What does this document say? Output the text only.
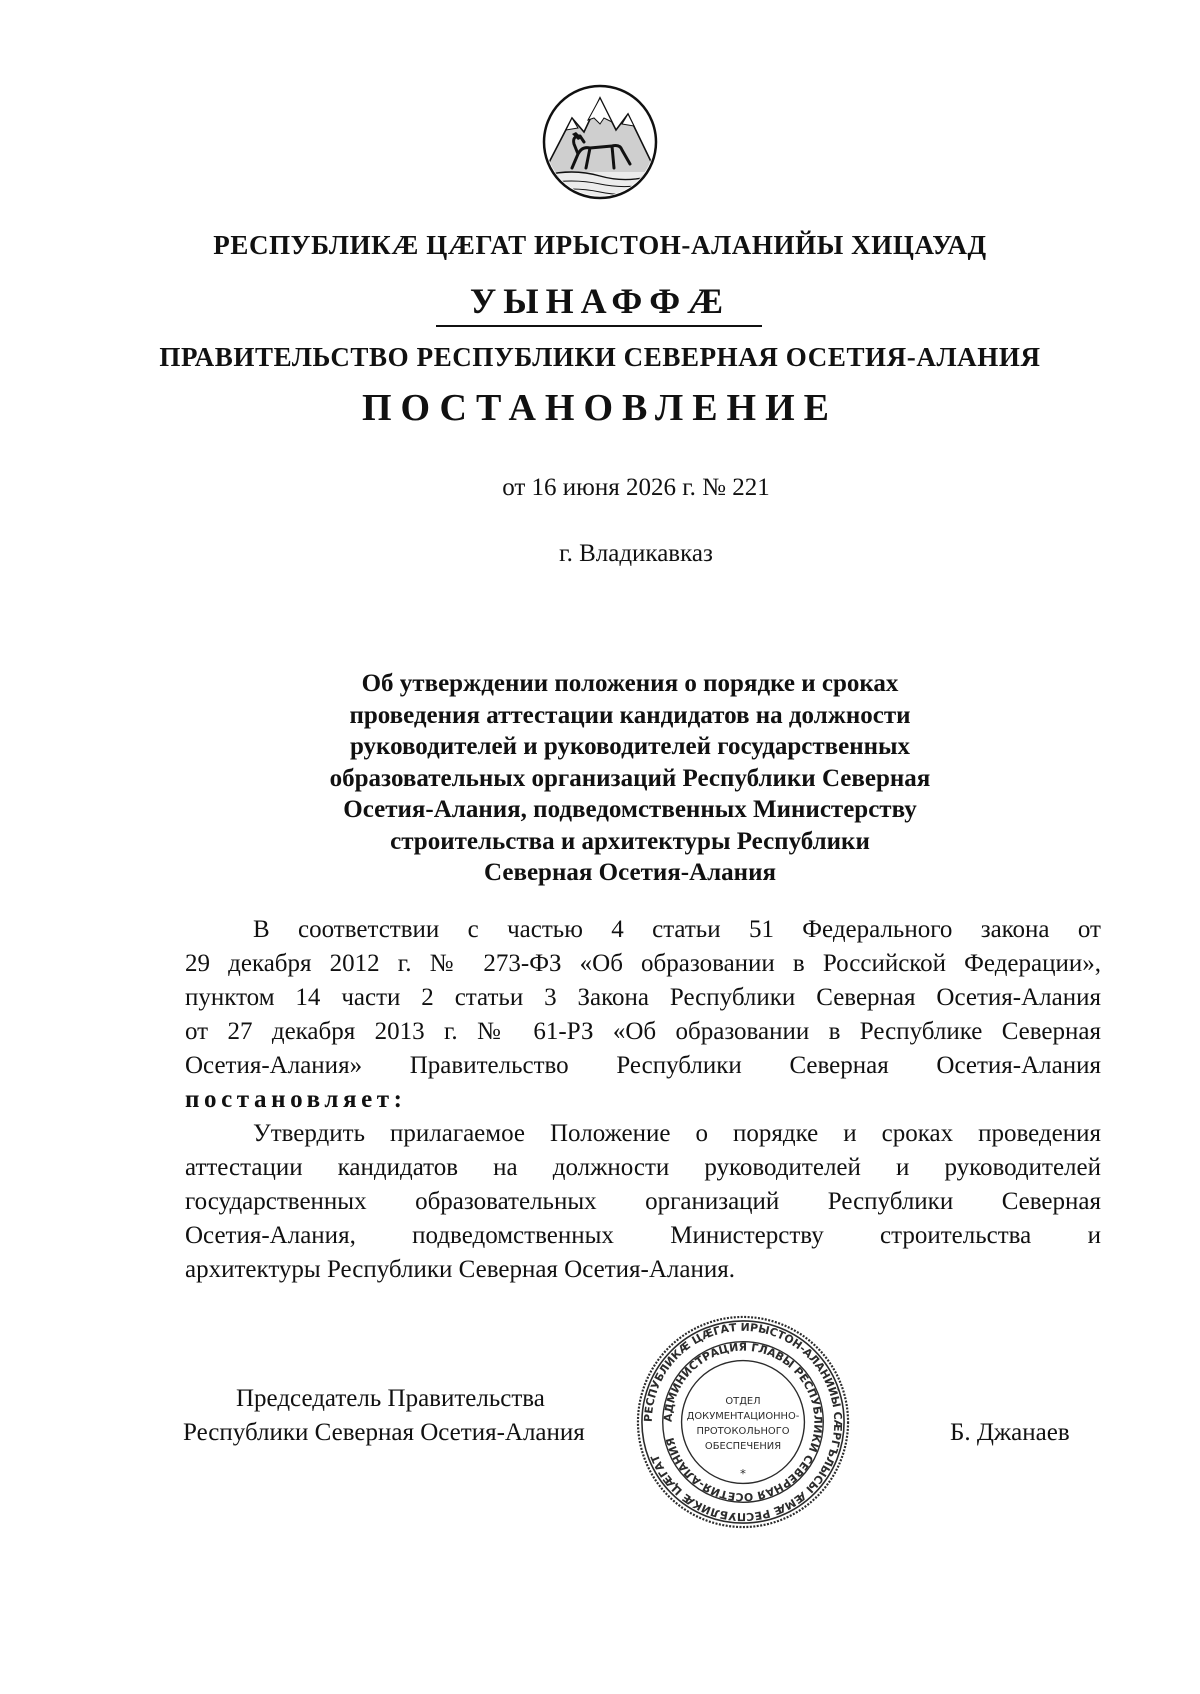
РЕСПУБЛИКӔ ЦӔГАТ ИРЫСТОН-АЛАНИЙЫ ХИЦАУАД
УЫНАФФӔ
ПРАВИТЕЛЬСТВО РЕСПУБЛИКИ СЕВЕРНАЯ ОСЕТИЯ-АЛАНИЯ
ПОСТАНОВЛЕНИЕ
от 16 июня 2026 г. № 221
г. Владикавказ
Об утверждении положения о порядке и сроках
проведения аттестации кандидатов на должности
руководителей и руководителей государственных
образовательных организаций Республики Северная
Осетия-Алания, подведомственных Министерству
строительства и архитектуры Республики
Северная Осетия-Алания
В соответствии с частью 4 статьи 51 Федерального закона от
29 декабря 2012 г. № 273-ФЗ «Об образовании в Российской Федерации»,
пунктом 14 части 2 статьи 3 Закона Республики Северная Осетия-Алания
от 27 декабря 2013 г. № 61-РЗ «Об образовании в Республике Северная
Осетия-Алания» Правительство Республики Северная Осетия-Алания
постановляет:
Утвердить прилагаемое Положение о порядке и сроках проведения
аттестации кандидатов на должности руководителей и руководителей
государственных образовательных организаций Республики Северная
Осетия-Алания, подведомственных Министерству строительства и
архитектуры Республики Северная Осетия-Алания.
Председатель Правительства
Республики Северная Осетия-Алания	Б. Джанаев
РЕСПУБЛИКӔ ЦӔГАТ ИРЫСТОН-АЛАНИЙЫ СӔРГЪЛЫСЫ ӔМӔ РЕСПУБЛИКӔ ЦӔГАТ
АДМИНИСТРАЦИЯ ГЛАВЫ РЕСПУБЛИКИ СЕВЕРНАЯ ОСЕТИЯ-АЛАНИЯ
ОТДЕЛ
ДОКУМЕНТАЦИОННО-
ПРОТОКОЛЬНОГО
ОБЕСПЕЧЕНИЯ
*
